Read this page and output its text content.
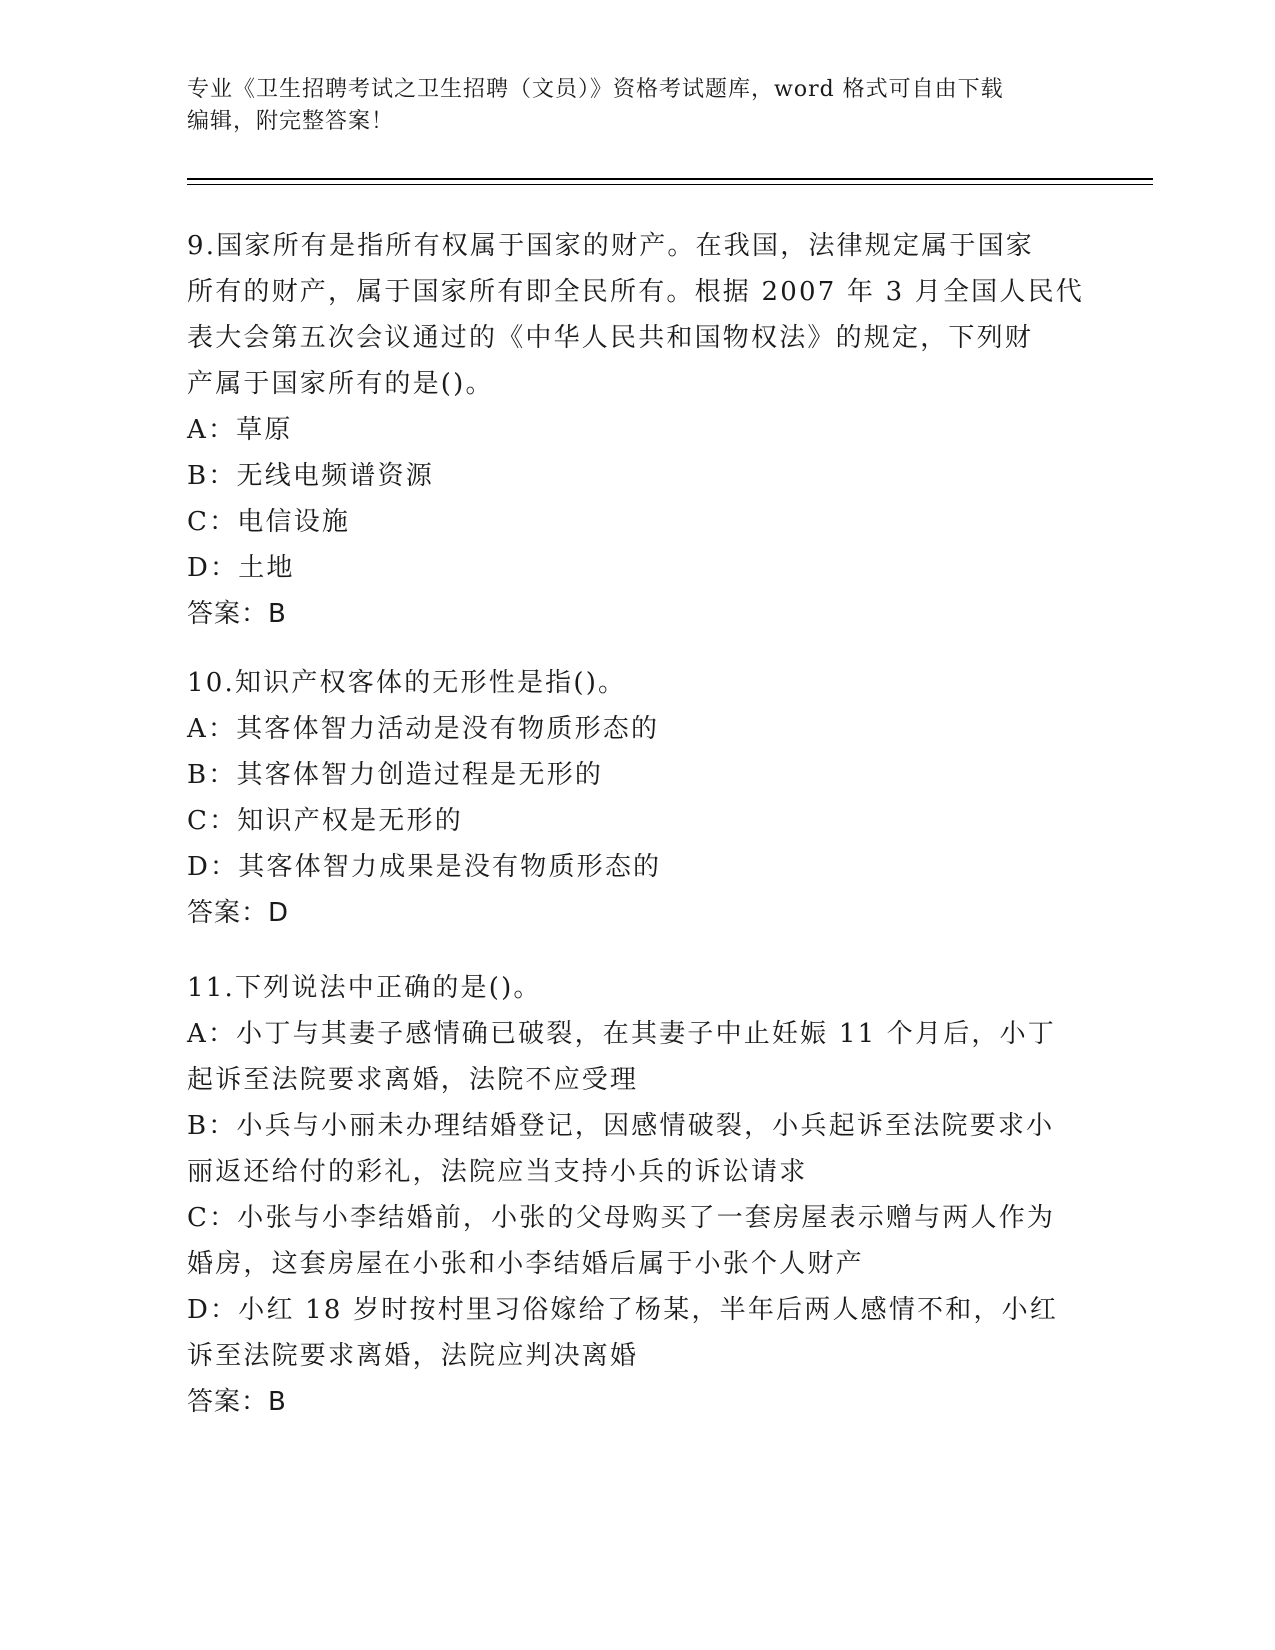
专业《卫生招聘考试之卫生招聘（文员）》资格考试题库，word 格式可自由下载
编辑，附完整答案！
9.国家所有是指所有权属于国家的财产。在我国，法律规定属于国家
所有的财产，属于国家所有即全民所有。根据 2007 年 3 月全国人民代
表大会第五次会议通过的《中华人民共和国物权法》的规定，下列财
产属于国家所有的是()。
A：草原
B：无线电频谱资源
C：电信设施
D：土地
答案：B
10.知识产权客体的无形性是指()。
A：其客体智力活动是没有物质形态的
B：其客体智力创造过程是无形的
C：知识产权是无形的
D：其客体智力成果是没有物质形态的
答案：D
11.下列说法中正确的是()。
A：小丁与其妻子感情确已破裂，在其妻子中止妊娠 11 个月后，小丁
起诉至法院要求离婚，法院不应受理
B：小兵与小丽未办理结婚登记，因感情破裂，小兵起诉至法院要求小
丽返还给付的彩礼，法院应当支持小兵的诉讼请求
C：小张与小李结婚前，小张的父母购买了一套房屋表示赠与两人作为
婚房，这套房屋在小张和小李结婚后属于小张个人财产
D：小红 18 岁时按村里习俗嫁给了杨某，半年后两人感情不和，小红
诉至法院要求离婚，法院应判决离婚
答案：B
